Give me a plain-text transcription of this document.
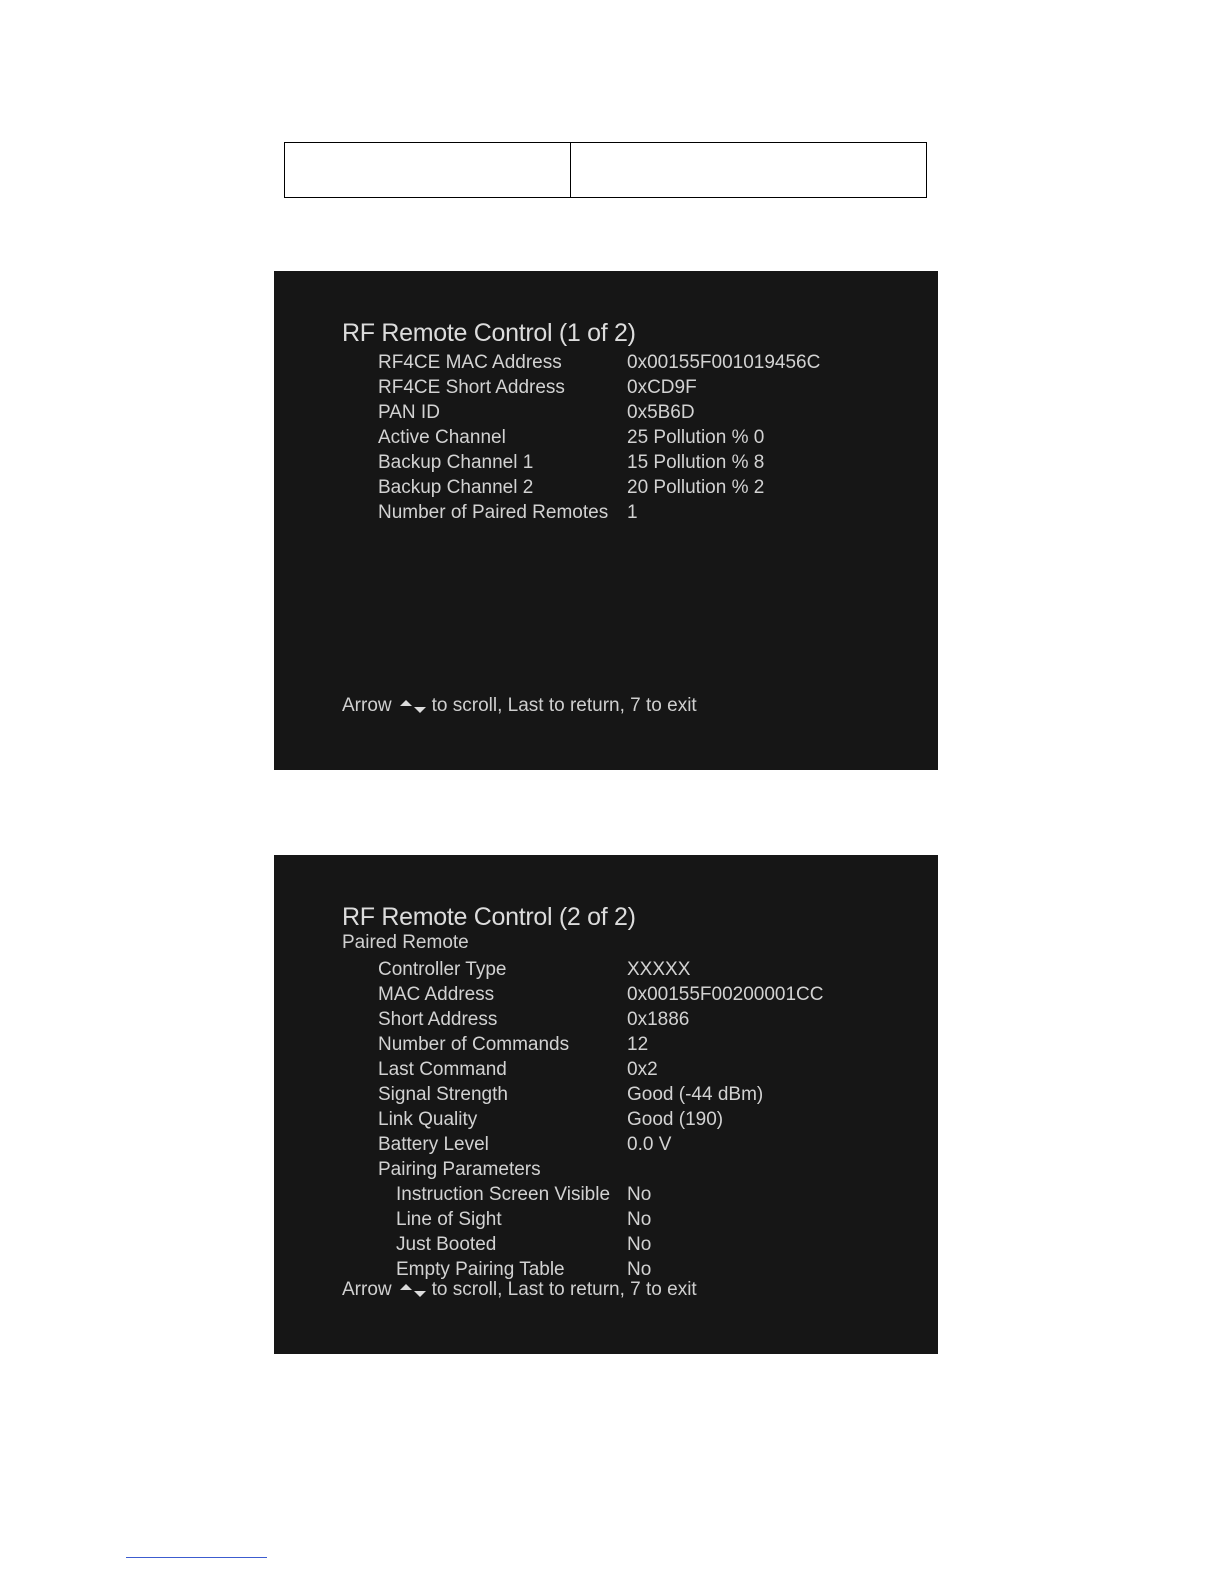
RF Remote Control (1 of 2)
RF4CE MAC Address	0x00155F001019456C
RF4CE Short Address	0xCD9F
PAN ID	0x5B6D
Active Channel	25 Pollution % 0
Backup Channel 1	15 Pollution % 8
Backup Channel 2	20 Pollution % 2
Number of Paired Remotes 1
Arrow to scroll, Last to return, 7 to exit
RF Remote Control (2 of 2)
Paired Remote
Controller Type	XXXXX
MAC Address	0x00155F00200001CC
Short Address	0x1886
Number of Commands	12
Last Command	0x2
Signal Strength	Good (-44 dBm)
Link Quality	Good (190)
Battery Level	0.0 V
Pairing Parameters
Instruction Screen Visible No
Line of Sight	No
Just Booted	No
Empty Pairing Table	No
Arrow to scroll, Last to return, 7 to exit
